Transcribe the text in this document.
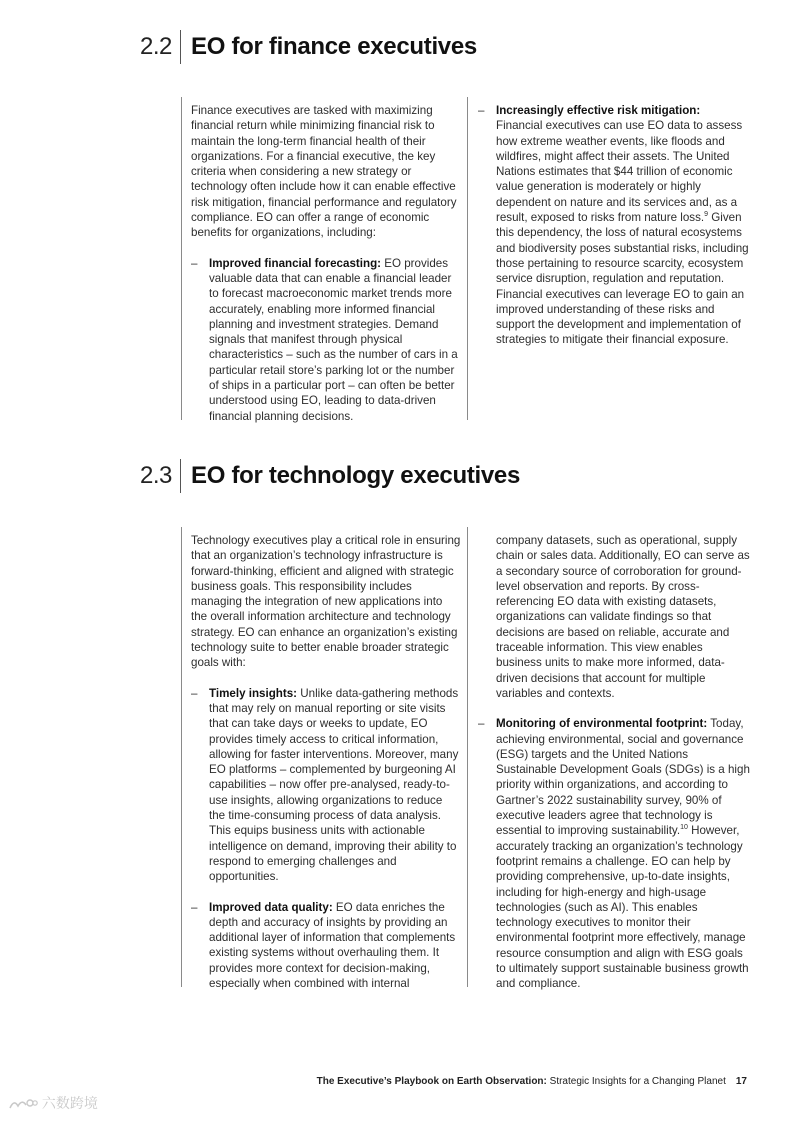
2.2 EO for finance executives

Finance executives are tasked with maximizing financial return while minimizing financial risk to maintain the long-term financial health of their organizations. For a financial executive, the key criteria when considering a new strategy or technology often include how it can enable effective risk mitigation, financial performance and regulatory compliance. EO can offer a range of economic benefits for organizations, including:

– Improved financial forecasting: EO provides valuable data that can enable a financial leader to forecast macroeconomic market trends more accurately, enabling more informed financial planning and investment strategies. Demand signals that manifest through physical characteristics – such as the number of cars in a particular retail store’s parking lot or the number of ships in a particular port – can often be better understood using EO, leading to data-driven financial planning decisions.
– Increasingly effective risk mitigation:
Financial executives can use EO data to assess how extreme weather events, like floods and wildfires, might affect their assets. The United Nations estimates that $44 trillion of economic value generation is moderately or highly dependent on nature and its services and, as a result, exposed to risks from nature loss.$^9$ Given this dependency, the loss of natural ecosystems and biodiversity poses substantial risks, including those pertaining to resource scarcity, ecosystem service disruption, regulation and reputation. Financial executives can leverage EO to gain an improved understanding of these risks and support the development and implementation of strategies to mitigate their financial exposure.
2.3 EO for technology executives

Technology executives play a critical role in ensuring that an organization’s technology infrastructure is forward-thinking, efficient and aligned with strategic business goals. This responsibility includes managing the integration of new applications into the overall information architecture and technology strategy. EO can enhance an organization’s existing technology suite to better enable broader strategic goals with:

– Timely insights: Unlike data-gathering methods that may rely on manual reporting or site visits that can take days or weeks to update, EO provides timely access to critical information, allowing for faster interventions. Moreover, many EO platforms – complemented by burgeoning AI capabilities – now offer pre-analysed, ready-to-use insights, allowing organizations to reduce the time-consuming process of data analysis. This equips business units with actionable intelligence on demand, improving their ability to respond to emerging challenges and opportunities.
– Improved data quality: EO data enriches the depth and accuracy of insights by providing an additional layer of information that complements existing systems without overhauling them. It provides more context for decision-making, especially when combined with internal
company datasets, such as operational, supply chain or sales data. Additionally, EO can serve as a secondary source of corroboration for ground-level observation and reports. By cross-referencing EO data with existing datasets, organizations can validate findings so that decisions are based on reliable, accurate and traceable information. This view enables business units to make more informed, data-driven decisions that account for multiple variables and contexts.
– Monitoring of environmental footprint: Today, achieving environmental, social and governance (ESG) targets and the United Nations Sustainable Development Goals (SDGs) is a high priority within organizations, and according to Gartner’s 2022 sustainability survey, 90% of executive leaders agree that technology is essential to improving sustainability.$^{10}$ However, accurately tracking an organization’s technology footprint remains a challenge. EO can help by providing comprehensive, up-to-date insights, including for high-energy and high-usage technologies (such as AI). This enables technology executives to monitor their environmental footprint more effectively, manage resource consumption and align with ESG goals to ultimately support sustainable business growth and compliance.
The Executive’s Playbook on Earth Observation: Strategic Insights for a Changing Planet 17
六数跨境
